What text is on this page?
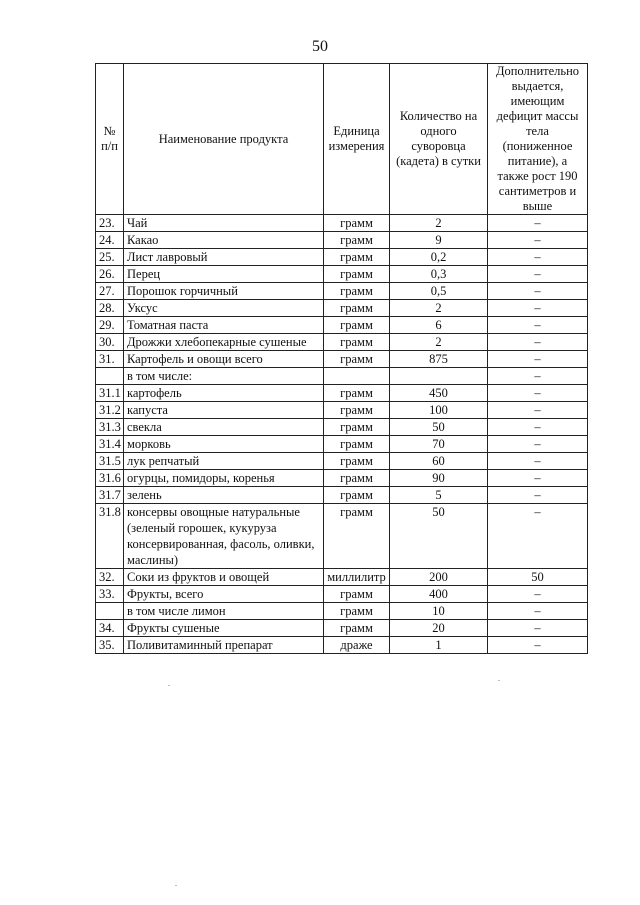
50
№ п/п	Наименование продукта	Единица измерения	Количество на одного суворовца (кадета) в сутки	Дополнительно выдается, имеющим дефицит массы тела (пониженное питание), а также рост 190 сантиметров и выше
23.	Чай	грамм	2	–
24.	Какао	грамм	9	–
25.	Лист лавровый	грамм	0,2	–
26.	Перец	грамм	0,3	–
27.	Порошок горчичный	грамм	0,5	–
28.	Уксус	грамм	2	–
29.	Томатная паста	грамм	6	–
30.	Дрожжи хлебопекарные сушеные	грамм	2	–
31.	Картофель и овощи всего	грамм	875	–
	в том числе:			–
31.1	картофель	грамм	450	–
31.2	капуста	грамм	100	–
31.3	свекла	грамм	50	–
31.4	морковь	грамм	70	–
31.5	лук репчатый	грамм	60	–
31.6	огурцы, помидоры, коренья	грамм	90	–
31.7	зелень	грамм	5	–
31.8	консервы овощные натуральные (зеленый горошек, кукуруза консервированная, фасоль, оливки, маслины)	грамм	50	–
32.	Соки из фруктов и овощей	миллилитр	200	50
33.	Фрукты, всего	грамм	400	–
	в том числе лимон	грамм	10	–
34.	Фрукты сушеные	грамм	20	–
35.	Поливитаминный препарат	драже	1	–
